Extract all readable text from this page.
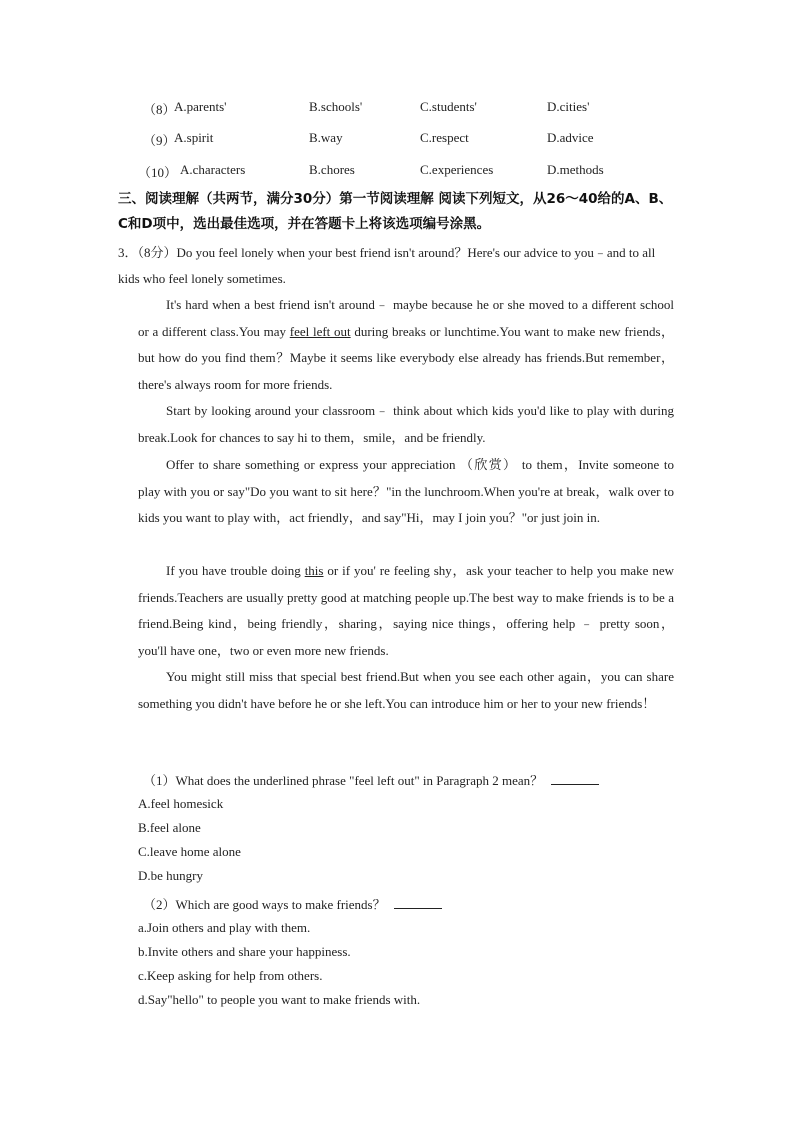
（8）
A.parents'	B.schools'	C.students'	D.cities'
（9）
A.spirit	B.way	C.respect	D.advice
（10） A.characters	B.chores	C.experiences	D.methods
三、阅读理解（共两节，满分30分）第一节阅读理解 阅读下列短文，从26～40给的A、B、C和D项中，选出最佳选项，并在答题卡上将该选项编号涂黑。
3．（8分）Do you feel lonely when your best friend isn't around？Here's our advice to you﹣and to all kids who feel lonely sometimes.
It's hard when a best friend isn't around﹣ maybe because he or she moved to a different school or a different class.You may feel left out during breaks or lunchtime.You want to make new friends，but how do you find them？Maybe it seems like everybody else already has friends.But remember，there's always room for more friends.
Start by looking around your classroom﹣ think about which kids you'd like to play with during break.Look for chances to say hi to them，smile，and be friendly.
Offer to share something or express your appreciation （欣赏） to them，Invite someone to play with you or say"Do you want to sit here？"in the lunchroom.When you're at break，walk over to kids you want to play with，act friendly，and say"Hi，may I join you？"or just join in.
If you have trouble doing this or if you' re feeling shy，ask your teacher to help you make new friends.Teachers are usually pretty good at matching people up.The best way to make friends is to be a friend.Being kind，being friendly，sharing，saying nice things，offering help ﹣ pretty soon，you'll have one，two or even more new friends.
You might still miss that special best friend.But when you see each other again，you can share something you didn't have before he or she left.You can introduce him or her to your new friends！
（1）What does the underlined phrase "feel left out" in Paragraph 2 mean？
A.feel homesick
B.feel alone
C.leave home alone
D.be hungry
（2）Which are good ways to make friends？
a.Join others and play with them.
b.Invite others and share your happiness.
c.Keep asking for help from others.
d.Say"hello" to people you want to make friends with.
